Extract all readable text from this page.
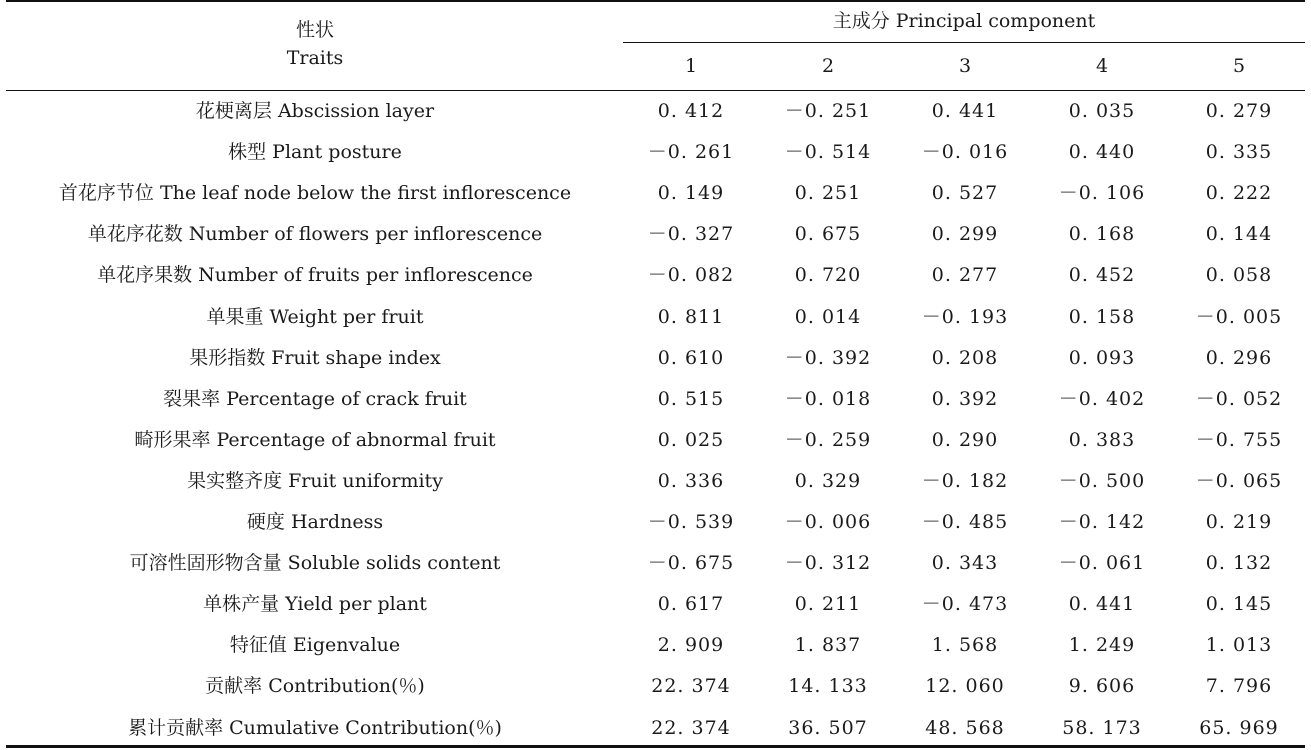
性状
Traits
主成分 Principal component
1	2	3	4	5
花梗离层 Abscission layer	0. 412	－0. 251	0. 441	0. 035	0. 279
株型 Plant posture	－0. 261	－0. 514	－0. 016	0. 440	0. 335
首花序节位 The leaf node below the first inflorescence	0. 149	0. 251	0. 527	－0. 106	0. 222
单花序花数 Number of flowers per inflorescence	－0. 327	0. 675	0. 299	0. 168	0. 144
单花序果数 Number of fruits per inflorescence	－0. 082	0. 720	0. 277	0. 452	0. 058
单果重 Weight per fruit	0. 811	0. 014	－0. 193	0. 158	－0. 005
果形指数 Fruit shape index	0. 610	－0. 392	0. 208	0. 093	0. 296
裂果率 Percentage of crack fruit	0. 515	－0. 018	0. 392	－0. 402	－0. 052
畸形果率 Percentage of abnormal fruit	0. 025	－0. 259	0. 290	0. 383	－0. 755
果实整齐度 Fruit uniformity	0. 336	0. 329	－0. 182	－0. 500	－0. 065
硬度 Hardness	－0. 539	－0. 006	－0. 485	－0. 142	0. 219
可溶性固形物含量 Soluble solids content	－0. 675	－0. 312	0. 343	－0. 061	0. 132
单株产量 Yield per plant	0. 617	0. 211	－0. 473	0. 441	0. 145
特征值 Eigenvalue	2. 909	1. 837	1. 568	1. 249	1. 013
贡献率 Contribution(％)	22. 374	14. 133	12. 060	9. 606	7. 796
累计贡献率 Cumulative Contribution(％)	22. 374	36. 507	48. 568	58. 173	65. 969
